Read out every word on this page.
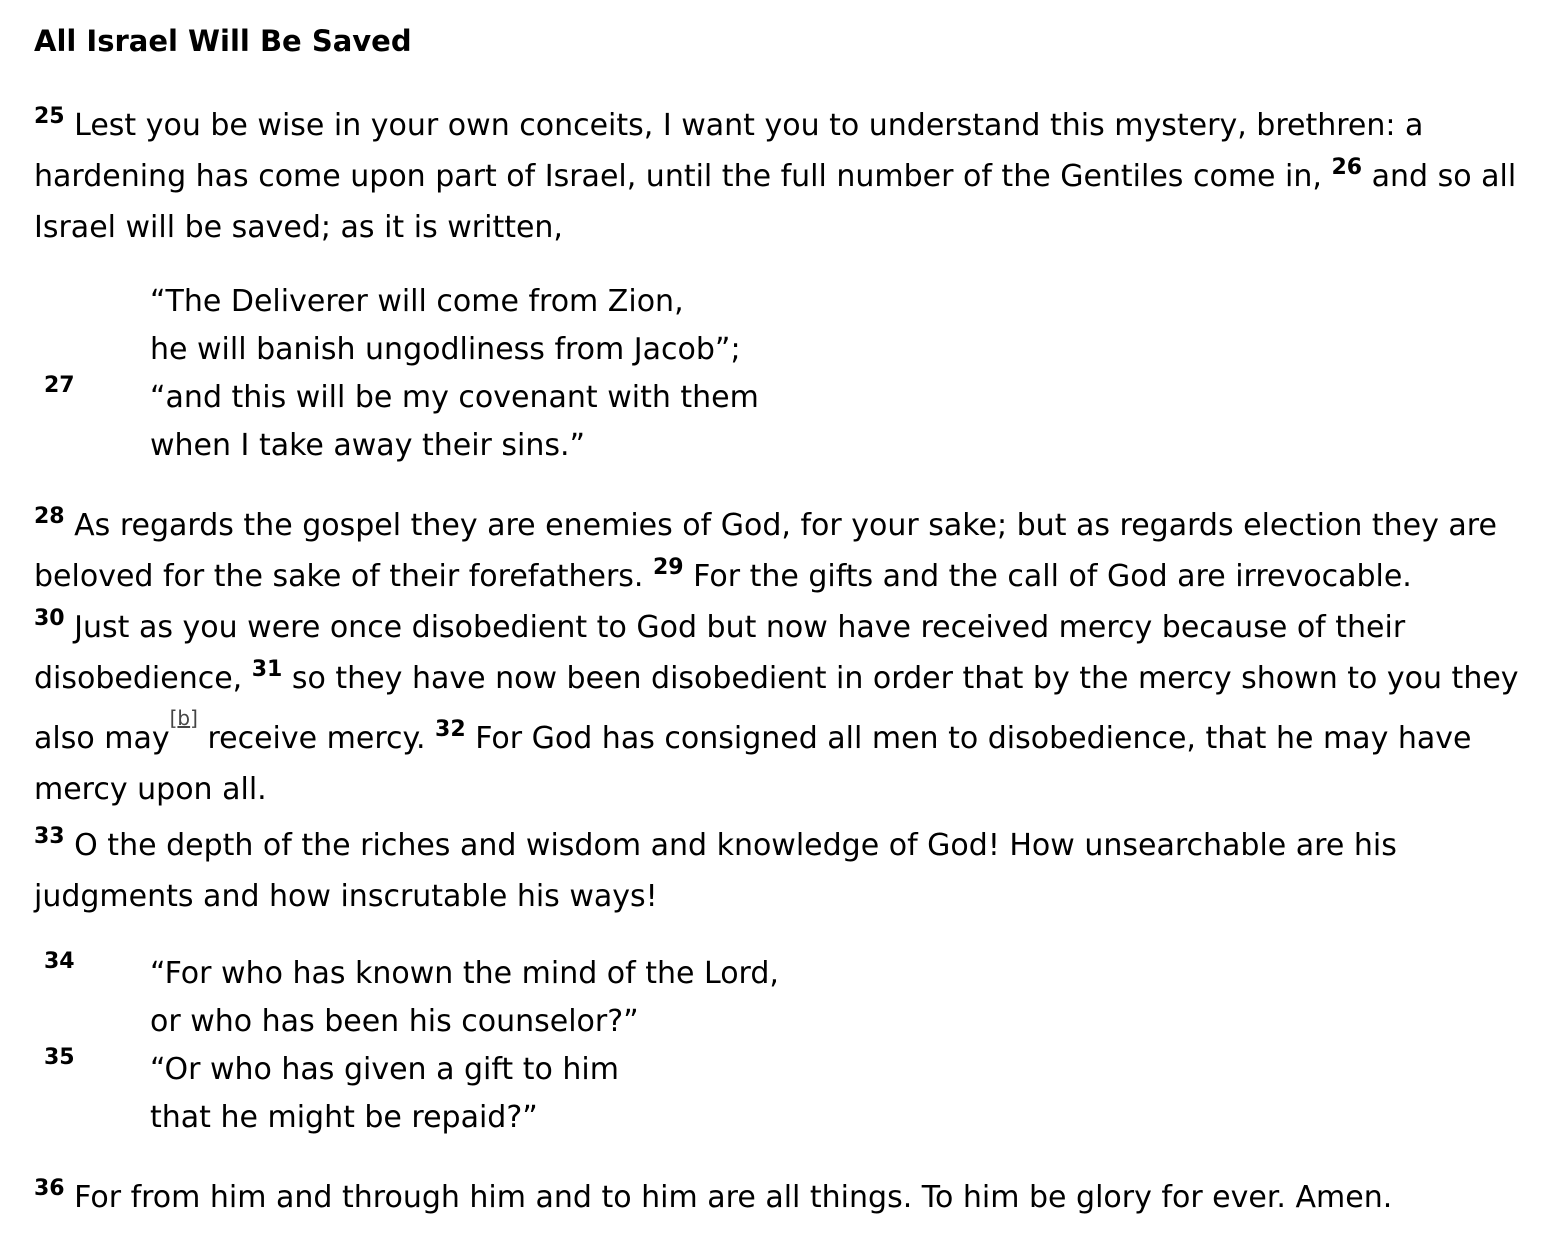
All Israel Will Be Saved

$^{25}$ Lest you be wise in your own conceits, I want you to understand this mystery, brethren: a hardening has come upon part of Israel, until the full number of the Gentiles come in, $^{26}$ and so all Israel will be saved; as it is written,

“The Deliverer will come from Zion,
he will banish ungodliness from Jacob”;
27	“and this will be my covenant with them
when I take away their sins.”

$^{28}$ As regards the gospel they are enemies of God, for your sake; but as regards election they are beloved for the sake of their forefathers. $^{29}$ For the gifts and the call of God are irrevocable.
$^{30}$ Just as you were once disobedient to God but now have received mercy because of their disobedience, $^{31}$ so they have now been disobedient in order that by the mercy shown to you they also may[b] receive mercy. $^{32}$ For God has consigned all men to disobedience, that he may have mercy upon all.

$^{33}$ O the depth of the riches and wisdom and knowledge of God! How unsearchable are his judgments and how inscrutable his ways!

34	“For who has known the mind of the Lord,
or who has been his counselor?”
35	“Or who has given a gift to him
that he might be repaid?”

$^{36}$ For from him and through him and to him are all things. To him be glory for ever. Amen.
